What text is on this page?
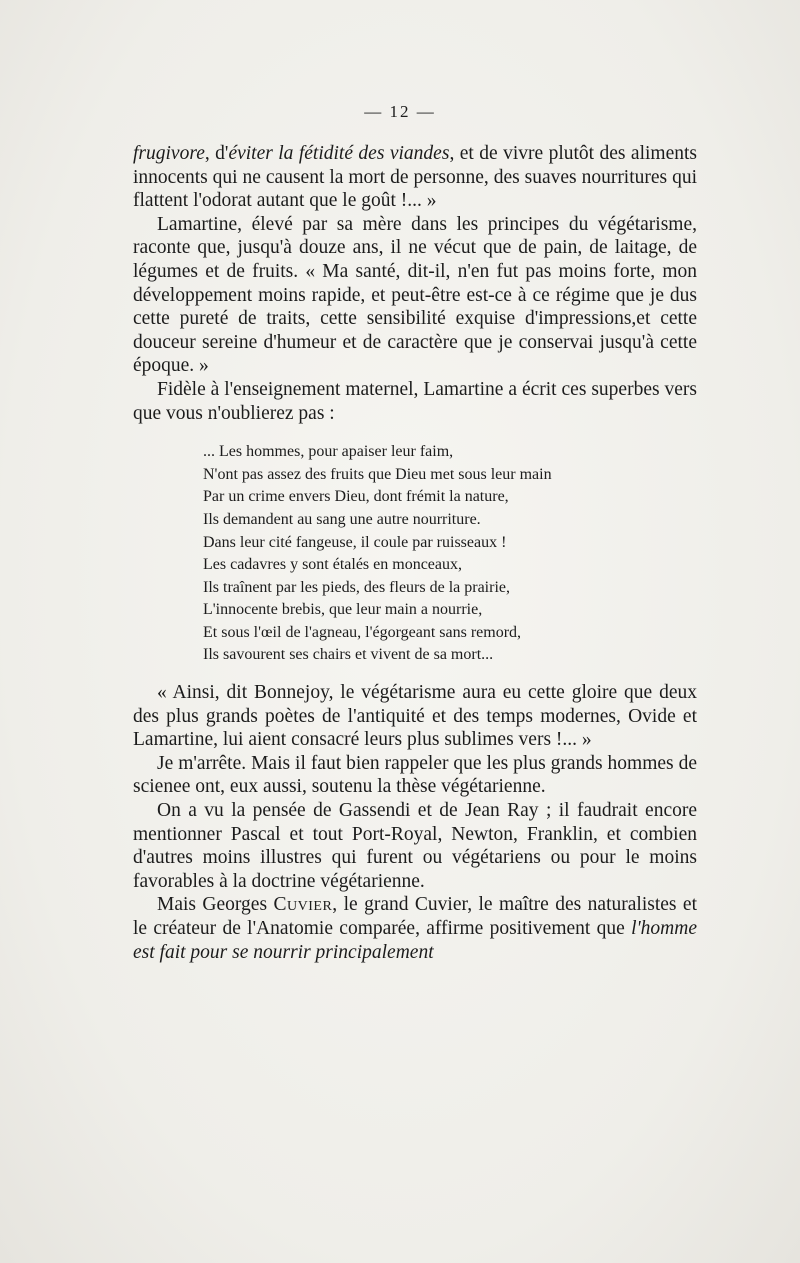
— 12 —

frugivore, d'éviter la fétidité des viandes, et de vivre plutôt des aliments innocents qui ne causent la mort de personne, des suaves nourritures qui flattent l'odorat autant que le goût !... »

Lamartine, élevé par sa mère dans les principes du végétarisme, raconte que, jusqu'à douze ans, il ne vécut que de pain, de laitage, de légumes et de fruits. « Ma santé, dit-il, n'en fut pas moins forte, mon développement moins rapide, et peut-être est-ce à ce régime que je dus cette pureté de traits, cette sensibilité exquise d'impressions,et cette douceur sereine d'humeur et de caractère que je conservai jusqu'à cette époque. »

Fidèle à l'enseignement maternel, Lamartine a écrit ces superbes vers que vous n'oublierez pas :

... Les hommes, pour apaiser leur faim,
N'ont pas assez des fruits que Dieu met sous leur main
Par un crime envers Dieu, dont frémit la nature,
Ils demandent au sang une autre nourriture.
Dans leur cité fangeuse, il coule par ruisseaux !
Les cadavres y sont étalés en monceaux,
Ils traînent par les pieds, des fleurs de la prairie,
L'innocente brebis, que leur main a nourrie,
Et sous l'œil de l'agneau, l'égorgeant sans remord,
Ils savourent ses chairs et vivent de sa mort...

« Ainsi, dit Bonnejoy, le végétarisme aura eu cette gloire que deux des plus grands poètes de l'antiquité et des temps modernes, Ovide et Lamartine, lui aient consacré leurs plus sublimes vers !... »

Je m'arrête. Mais il faut bien rappeler que les plus grands hommes de scienee ont, eux aussi, soutenu la thèse végétarienne.

On a vu la pensée de Gassendi et de Jean Ray ; il faudrait encore mentionner Pascal et tout Port-Royal, Newton, Franklin, et combien d'autres moins illustres qui furent ou végétariens ou pour le moins favorables à la doctrine végétarienne.

Mais Georges Cuvier, le grand Cuvier, le maître des naturalistes et le créateur de l'Anatomie comparée, affirme positivement que l'homme est fait pour se nourrir principalement
